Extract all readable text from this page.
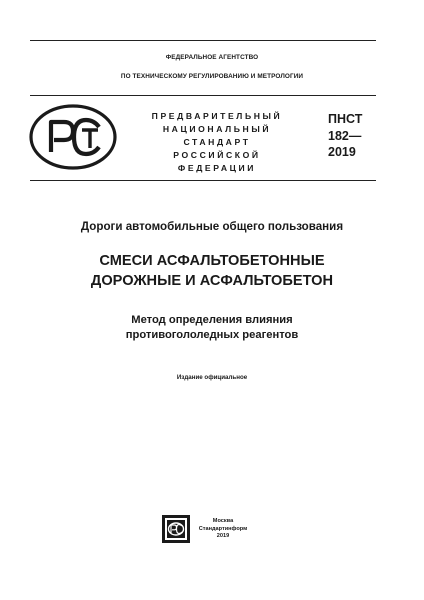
ФЕДЕРАЛЬНОЕ АГЕНТСТВО
ПО ТЕХНИЧЕСКОМУ РЕГУЛИРОВАНИЮ И МЕТРОЛОГИИ
ПРЕДВАРИТЕЛЬНЫЙ
НАЦИОНАЛЬНЫЙ
СТАНДАРТ
РОССИЙСКОЙ
ФЕДЕРАЦИИ
ПНСТ
182—
2019
Дороги автомобильные общего пользования
СМЕСИ АСФАЛЬТОБЕТОННЫЕ
ДОРОЖНЫЕ И АСФАЛЬТОБЕТОН
Метод определения влияния
противогололедных реагентов
Издание официальное
Москва
Стандартинформ
2019
